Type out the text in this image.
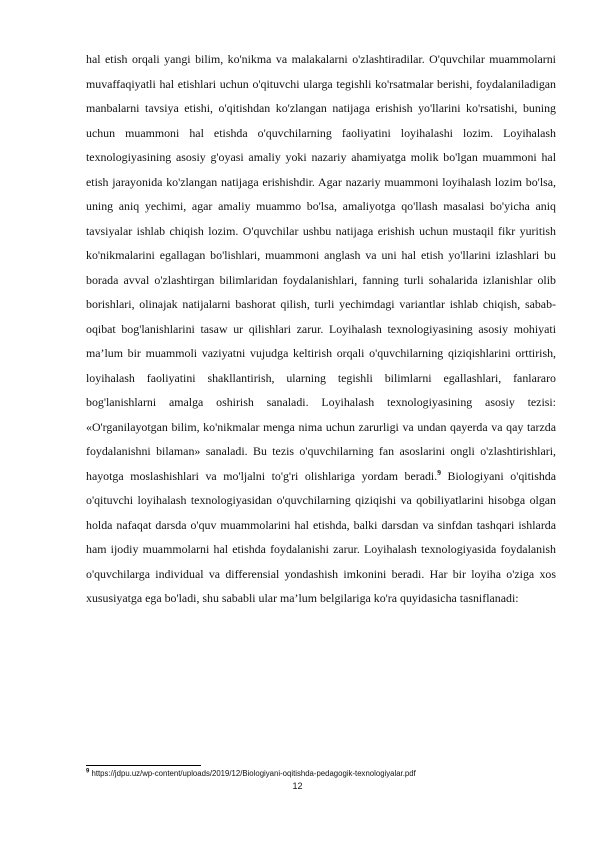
hal etish orqali yangi bilim, ko'nikma va malakalarni o'zlashtiradilar. O'quvchilar muammolarni muvaffaqiyatli hal etishlari uchun o'qituvchi ularga tegishli ko'rsatmalar berishi, foydalaniladigan manbalarni tavsiya etishi, o'qitishdan ko'zlangan natijaga erishish yo'llarini ko'rsatishi, buning uchun muammoni hal etishda o'quvchilarning faoliyatini loyihalashi lozim. Loyihalash texnologiyasining asosiy g'oyasi amaliy yoki nazariy ahamiyatga molik bo'lgan muammoni hal etish jarayonida ko'zlangan natijaga erishishdir. Agar nazariy muammoni loyihalash lozim bo'lsa, uning aniq yechimi, agar amaliy muammo bo'lsa, amaliyotga qo'llash masalasi bo'yicha aniq tavsiyalar ishlab chiqish lozim. O'quvchilar ushbu natijaga erishish uchun mustaqil fikr yuritish ko'nikmalarini egallagan bo'lishlari, muammoni anglash va uni hal etish yo'llarini izlashlari bu borada avval o'zlashtirgan bilimlaridan foydalanishlari, fanning turli sohalarida izlanishlar olib borishlari, olinajak natijalarni bashorat qilish, turli yechimdagi variantlar ishlab chiqish, sabab-oqibat bog'lanishlarini tasaw ur qilishlari zarur. Loyihalash texnologiyasining asosiy mohiyati ma’lum bir muammoli vaziyatni vujudga keltirish orqali o'quvchilarning qiziqishlarini orttirish, loyihalash faoliyatini shakllantirish, ularning tegishli bilimlarni egallashlari, fanlararo bog'lanishlarni amalga oshirish sanaladi. Loyihalash texnologiyasining asosiy tezisi: «O'rganilayotgan bilim, ko'nikmalar menga nima uchun zarurligi va undan qayerda va qay tarzda foydalanishni bilaman» sanaladi. Bu tezis o'quvchilarning fan asoslarini ongli o'zlashtirishlari, hayotga moslashishlari va mo'ljalni to'g'ri olishlariga yordam beradi.$^9$ Biologiyani o'qitishda o'qituvchi loyihalash texnologiyasidan o'quvchilarning qiziqishi va qobiliyatlarini hisobga olgan holda nafaqat darsda o'quv muammolarini hal etishda, balki darsdan va sinfdan tashqari ishlarda ham ijodiy muammolarni hal etishda foydalanishi zarur. Loyihalash texnologiyasida foydalanish o'quvchilarga individual va differensial yondashish imkonini beradi. Har bir loyiha o'ziga xos xususiyatga ega bo'ladi, shu sababli ular ma’lum belgilariga ko'ra quyidasicha tasniflanadi:

$^9$ https://jdpu.uz/wp-content/uploads/2019/12/Biologiyani-oqitishda-pedagogik-texnologiyalar.pdf
12
